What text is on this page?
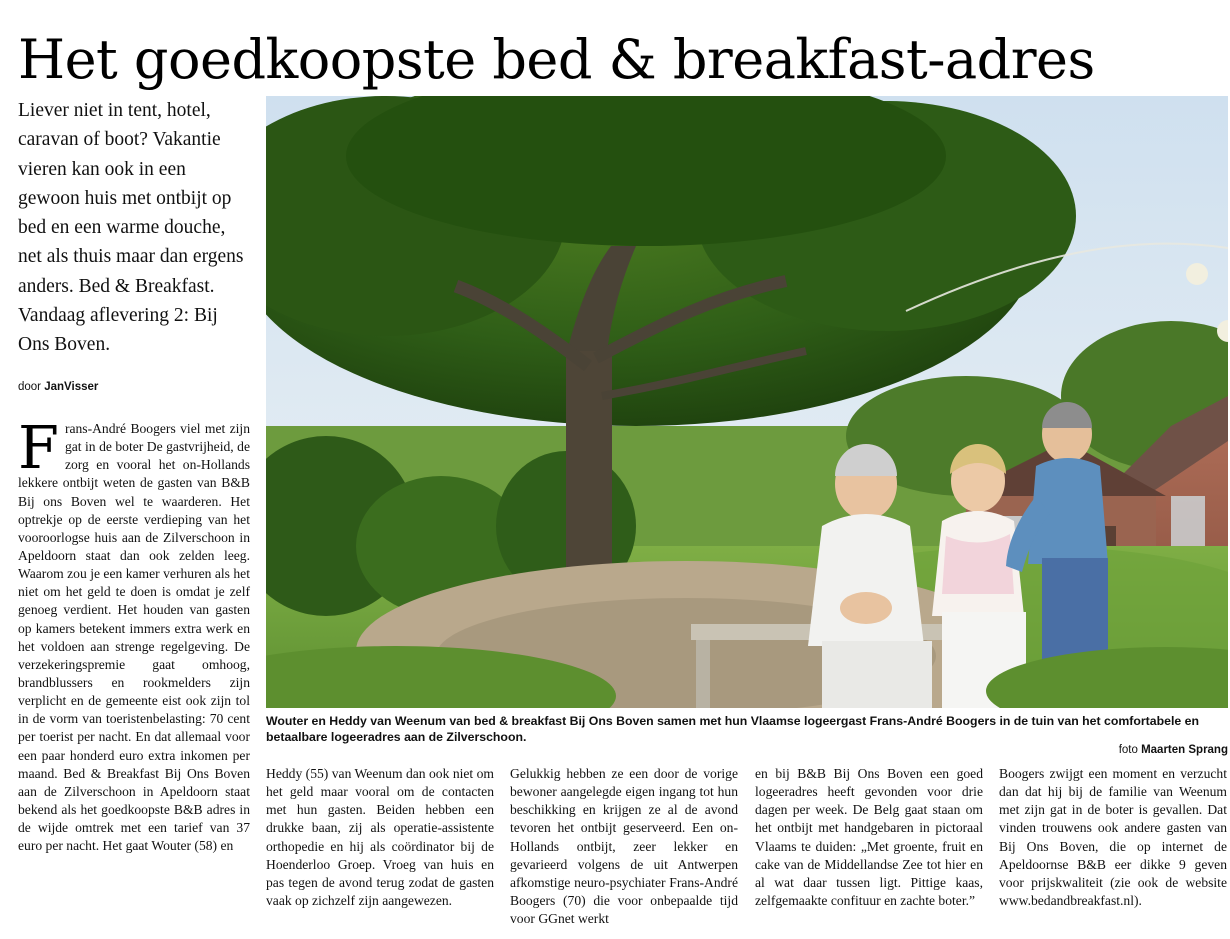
Het goedkoopste bed & breakfast-adres

Liever niet in tent, hotel, caravan of boot? Vakantie vieren kan ook in een gewoon huis met ontbijt op bed en een warme douche, net als thuis maar dan ergens anders. Bed & Breakfast. Vandaag aflevering 2: Bij Ons Boven.

door JanVisser
Wouter en Heddy van Weenum van bed & breakfast Bij Ons Boven samen met hun Vlaamse logeergast Frans-André Boogers in de tuin van het comfortabele en betaalbare logeeradres aan de Zilverschoon.
foto Maarten Sprang
F rans-André Boogers viel met zijn gat in de boter De gastvrijheid, de zorg en vooral het on-Hollands lekkere ontbijt weten de gasten van B&B Bij ons Boven wel te waarderen. Het optrekje op de eerste verdieping van het vooroorlogse huis aan de Zilverschoon in Apeldoorn staat dan ook zelden leeg. Waarom zou je een kamer verhuren als het niet om het geld te doen is omdat je zelf genoeg verdient. Het houden van gasten op kamers betekent immers extra werk en het voldoen aan strenge regelgeving. De verzekeringspremie gaat omhoog, brandblussers en rookmelders zijn verplicht en de gemeente eist ook zijn tol in de vorm van toeristenbelasting: 70 cent per toerist per nacht. En dat allemaal voor een paar honderd euro extra inkomen per maand. Bed & Breakfast Bij Ons Boven aan de Zilverschoon in Apeldoorn staat bekend als het goedkoopste B&B adres in de wijde omtrek met een tarief van 37 euro per nacht. Het gaat Wouter (58) en

Heddy (55) van Weenum dan ook niet om het geld maar vooral om de contacten met hun gasten. Beiden hebben een drukke baan, zij als operatie-assistente orthopedie en hij als coördinator bij de Hoenderloo Groep. Vroeg van huis en pas tegen de avond terug zodat de gasten vaak op zichzelf zijn aangewezen.

Gelukkig hebben ze een door de vorige bewoner aangelegde eigen ingang tot hun beschikking en krijgen ze al de avond tevoren het ontbijt geserveerd. Een on-Hollands ontbijt, zeer lekker en gevarieerd volgens de uit Antwerpen afkomstige neuro-psychiater Frans-André Boogers (70) die voor onbepaalde tijd voor GGnet werkt

en bij B&B Bij Ons Boven een goed logeeradres heeft gevonden voor drie dagen per week. De Belg gaat staan om het ontbijt met handgebaren in pictoraal Vlaams te duiden: „Met groente, fruit en cake van de Middellandse Zee tot hier en al wat daar tussen ligt. Pittige kaas, zelfgemaakte confituur en zachte boter.”

Boogers zwijgt een moment en verzucht dan dat hij bij de familie van Weenum met zijn gat in de boter is gevallen. Dat vinden trouwens ook andere gasten van Bij Ons Boven, die op internet de Apeldoornse B&B eer dikke 9 geven voor prijskwaliteit (zie ook de website www.bedandbreakfast.nl).
